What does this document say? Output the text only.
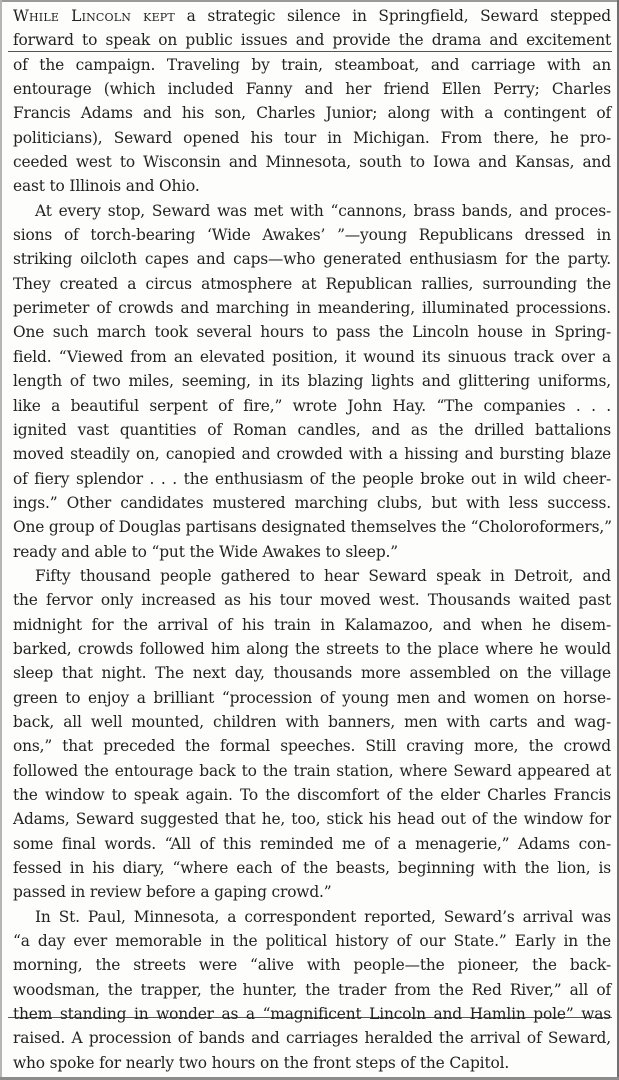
While Lincoln kept a strategic silence in Springfield, Seward stepped
forward to speak on public issues and provide the drama and excitement
of the campaign. Traveling by train, steamboat, and carriage with an
entourage (which included Fanny and her friend Ellen Perry; Charles
Francis Adams and his son, Charles Junior; along with a contingent of
politicians), Seward opened his tour in Michigan. From there, he pro-
ceeded west to Wisconsin and Minnesota, south to Iowa and Kansas, and
east to Illinois and Ohio.
At every stop, Seward was met with “cannons, brass bands, and proces-
sions of torch-bearing ‘Wide Awakes’ ”—young Republicans dressed in
striking oilcloth capes and caps—who generated enthusiasm for the party.
They created a circus atmosphere at Republican rallies, surrounding the
perimeter of crowds and marching in meandering, illuminated processions.
One such march took several hours to pass the Lincoln house in Spring-
field. “Viewed from an elevated position, it wound its sinuous track over a
length of two miles, seeming, in its blazing lights and glittering uniforms,
like a beautiful serpent of fire,” wrote John Hay. “The companies . . .
ignited vast quantities of Roman candles, and as the drilled battalions
moved steadily on, canopied and crowded with a hissing and bursting blaze
of fiery splendor . . . the enthusiasm of the people broke out in wild cheer-
ings.” Other candidates mustered marching clubs, but with less success.
One group of Douglas partisans designated themselves the “Choloroformers,”
ready and able to “put the Wide Awakes to sleep.”
Fifty thousand people gathered to hear Seward speak in Detroit, and
the fervor only increased as his tour moved west. Thousands waited past
midnight for the arrival of his train in Kalamazoo, and when he disem-
barked, crowds followed him along the streets to the place where he would
sleep that night. The next day, thousands more assembled on the village
green to enjoy a brilliant “procession of young men and women on horse-
back, all well mounted, children with banners, men with carts and wag-
ons,” that preceded the formal speeches. Still craving more, the crowd
followed the entourage back to the train station, where Seward appeared at
the window to speak again. To the discomfort of the elder Charles Francis
Adams, Seward suggested that he, too, stick his head out of the window for
some final words. “All of this reminded me of a menagerie,” Adams con-
fessed in his diary, “where each of the beasts, beginning with the lion, is
passed in review before a gaping crowd.”
In St. Paul, Minnesota, a correspondent reported, Seward’s arrival was
“a day ever memorable in the political history of our State.” Early in the
morning, the streets were “alive with people—the pioneer, the back-
woodsman, the trapper, the hunter, the trader from the Red River,” all of
them standing in wonder as a “magnificent Lincoln and Hamlin pole” was
raised. A procession of bands and carriages heralded the arrival of Seward,
who spoke for nearly two hours on the front steps of the Capitol.
